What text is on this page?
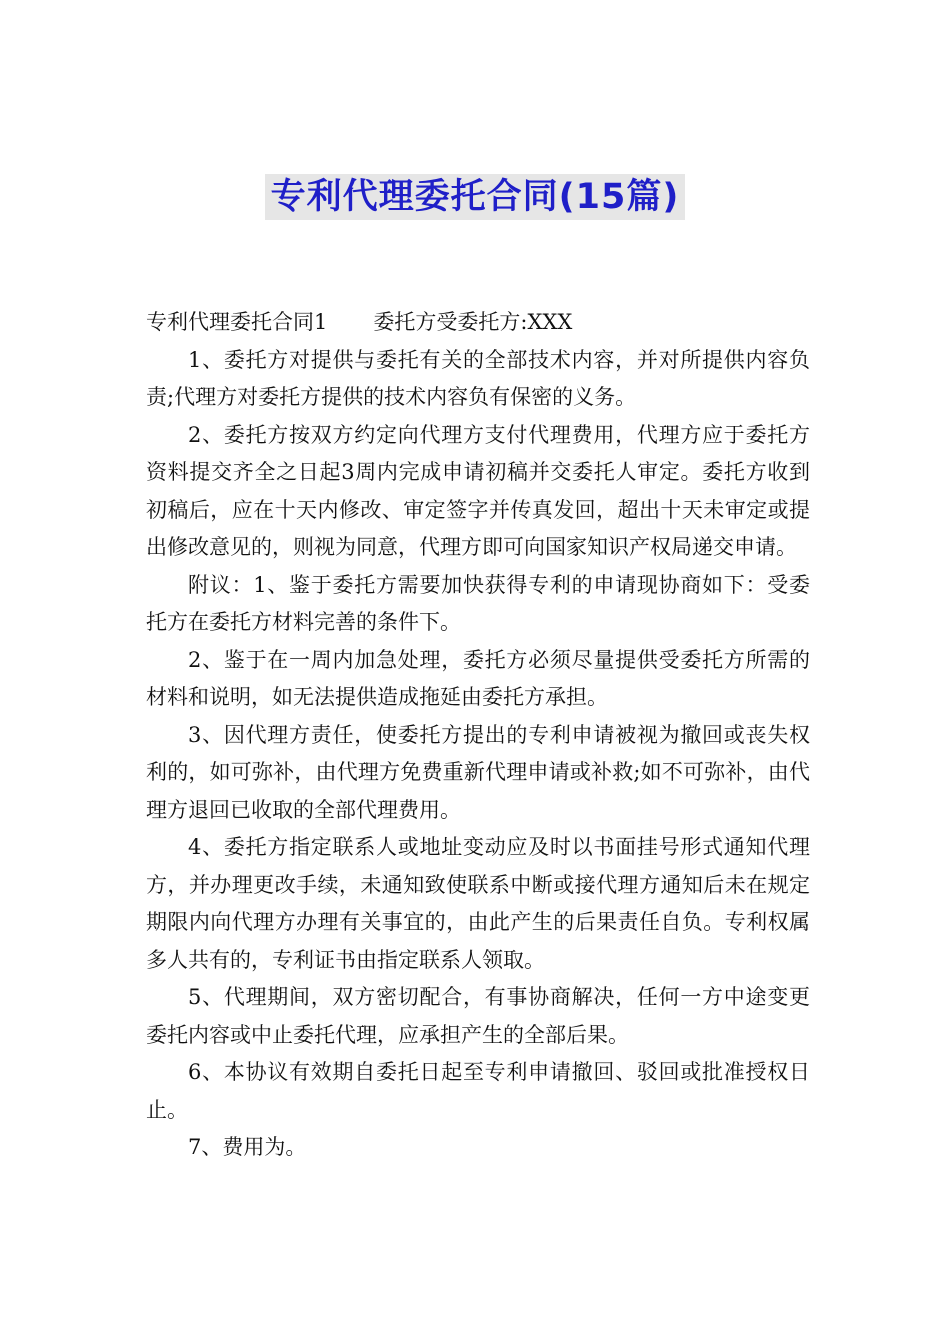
专利代理委托合同(15篇)

专利代理委托合同1 委托方受委托方:XXX

1、委托方对提供与委托有关的全部技术内容，并对所提供内容负责;代理方对委托方提供的技术内容负有保密的义务。

2、委托方按双方约定向代理方支付代理费用，代理方应于委托方资料提交齐全之日起3周内完成申请初稿并交委托人审定。委托方收到初稿后，应在十天内修改、审定签字并传真发回，超出十天未审定或提出修改意见的，则视为同意，代理方即可向国家知识产权局递交申请。

附议：1、鉴于委托方需要加快获得专利的申请现协商如下：受委托方在委托方材料完善的条件下。

2、鉴于在一周内加急处理，委托方必须尽量提供受委托方所需的材料和说明，如无法提供造成拖延由委托方承担。

3、因代理方责任，使委托方提出的专利申请被视为撤回或丧失权利的，如可弥补，由代理方免费重新代理申请或补救;如不可弥补，由代理方退回已收取的全部代理费用。

4、委托方指定联系人或地址变动应及时以书面挂号形式通知代理方，并办理更改手续，未通知致使联系中断或接代理方通知后未在规定期限内向代理方办理有关事宜的，由此产生的后果责任自负。专利权属多人共有的，专利证书由指定联系人领取。

5、代理期间，双方密切配合，有事协商解决，任何一方中途变更委托内容或中止委托代理，应承担产生的全部后果。

6、本协议有效期自委托日起至专利申请撤回、驳回或批准授权日止。

7、费用为。
